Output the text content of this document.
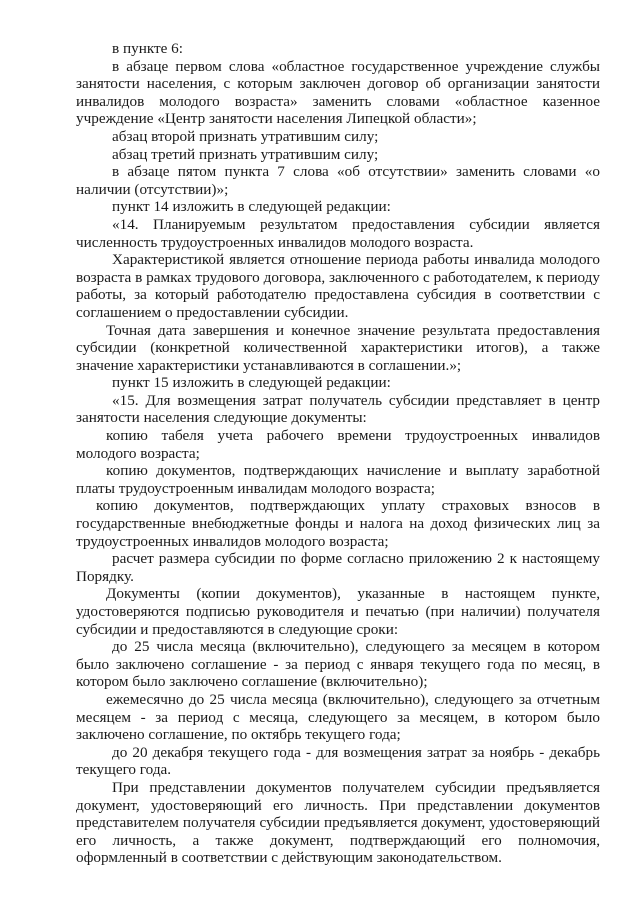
в пункте 6:

в абзаце первом слова «областное государственное учреждение службы занятости населения, с которым заключен договор об организации занятости инвалидов молодого возраста» заменить словами «областное казенное учреждение «Центр занятости населения Липецкой области»;

абзац второй признать утратившим силу;

абзац третий признать утратившим силу;

в абзаце пятом пункта 7 слова «об отсутствии» заменить словами «о наличии (отсутствии)»;

пункт 14 изложить в следующей редакции:

«14. Планируемым результатом предоставления субсидии является численность трудоустроенных инвалидов молодого возраста.

Характеристикой является отношение периода работы инвалида молодого возраста в рамках трудового договора, заключенного с работодателем, к периоду работы, за который работодателю предоставлена субсидия в соответствии с соглашением о предоставлении субсидии.

Точная дата завершения и конечное значение результата предоставления субсидии (конкретной количественной характеристики итогов), а также значение характеристики устанавливаются в соглашении.»;

пункт 15 изложить в следующей редакции:

«15. Для возмещения затрат получатель субсидии представляет в центр занятости населения следующие документы:

копию табеля учета рабочего времени трудоустроенных инвалидов молодого возраста;

копию документов, подтверждающих начисление и выплату заработной платы трудоустроенным инвалидам молодого возраста;

копию документов, подтверждающих уплату страховых взносов в государственные внебюджетные фонды и налога на доход физических лиц за трудоустроенных инвалидов молодого возраста;

расчет размера субсидии по форме согласно приложению 2 к настоящему Порядку.

Документы (копии документов), указанные в настоящем пункте, удостоверяются подписью руководителя и печатью (при наличии) получателя субсидии и предоставляются в следующие сроки:

до 25 числа месяца (включительно), следующего за месяцем в котором было заключено соглашение - за период с января текущего года по месяц, в котором было заключено соглашение (включительно);

ежемесячно до 25 числа месяца (включительно), следующего за отчетным месяцем - за период с месяца, следующего за месяцем, в котором было заключено соглашение, по октябрь текущего года;

до 20 декабря текущего года - для возмещения затрат за ноябрь - декабрь текущего года.

При представлении документов получателем субсидии предъявляется документ, удостоверяющий его личность. При представлении документов представителем получателя субсидии предъявляется документ, удостоверяющий его личность, а также документ, подтверждающий его полномочия, оформленный в соответствии с действующим законодательством.
